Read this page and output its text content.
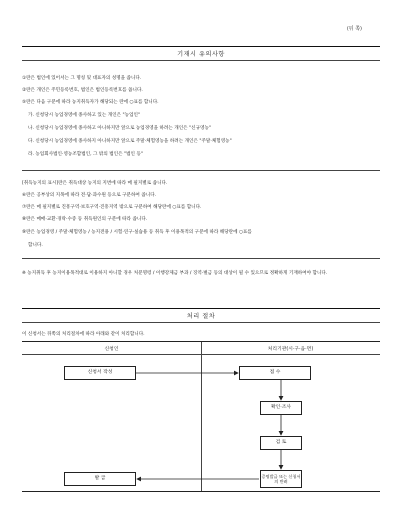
(뒤 쪽)
기재시 유의사항
①란은 법인에 있어서는 그 명칭 및 대표자의 성명을 씁니다.
②란은 개인은 주민등록번호, 법인은 법인등록번호를 씁니다.
⑤란은 다음 구분에 따라 농지취득자가 해당되는 란에 ○표를 합니다.
가. 신청당시 농업경영에 종사하고 있는 개인은 "농업인"
나. 신청당시 농업경영에 종사하고 아니하지만 앞으로 농업경영을 하려는 개인은 "신규영농"
다. 신청당시 농업경영에 종사하지 아니하지만 앞으로 주말·체험영농을 하려는 개인은 "주말·체험영농"
라. 농업회사법인·영농조합법인, 그 밖의 법인은 "법인 등"
[취득농지의 표시]란은 취득대상 농지의 지번에 따라 매 필지별로 씁니다.
⑥란은 공부상의 지목에 따라 전·답·과수원 등으로 구분하여 씁니다.
⑦란은 매 필지별로 진흥구역·보호구역·진흥지역 밖으로 구분하여 해당란에 ○표를 합니다.
⑧란은 매매·교환·경락·수증 등 취득원인의 구분에 따라 씁니다.
⑨란은 농업경영 / 주말·체험영농 / 농지전용 / 시험·연구·실습용 등 취득 후 이용목적의 구분에 따라 해당란에 ○표를
합니다.
※ 농지취득 후 농지이용목적대로 이용하지 아니할 경우 처분명령 / 이행강제금 부과 / 징역·벌금 등의 대상이 될 수 있으므로 정확하게 기재하여야 합니다.
처리 절차
이 신청서는 뒤쪽의 처리절차에 따라 아래와 같이 처리합니다.
신청인	처리기관(시·구·읍·면)
신청서 작성	접 수
확인·조사
검 토
증명발급 또는 신청서의 반려
발 급
